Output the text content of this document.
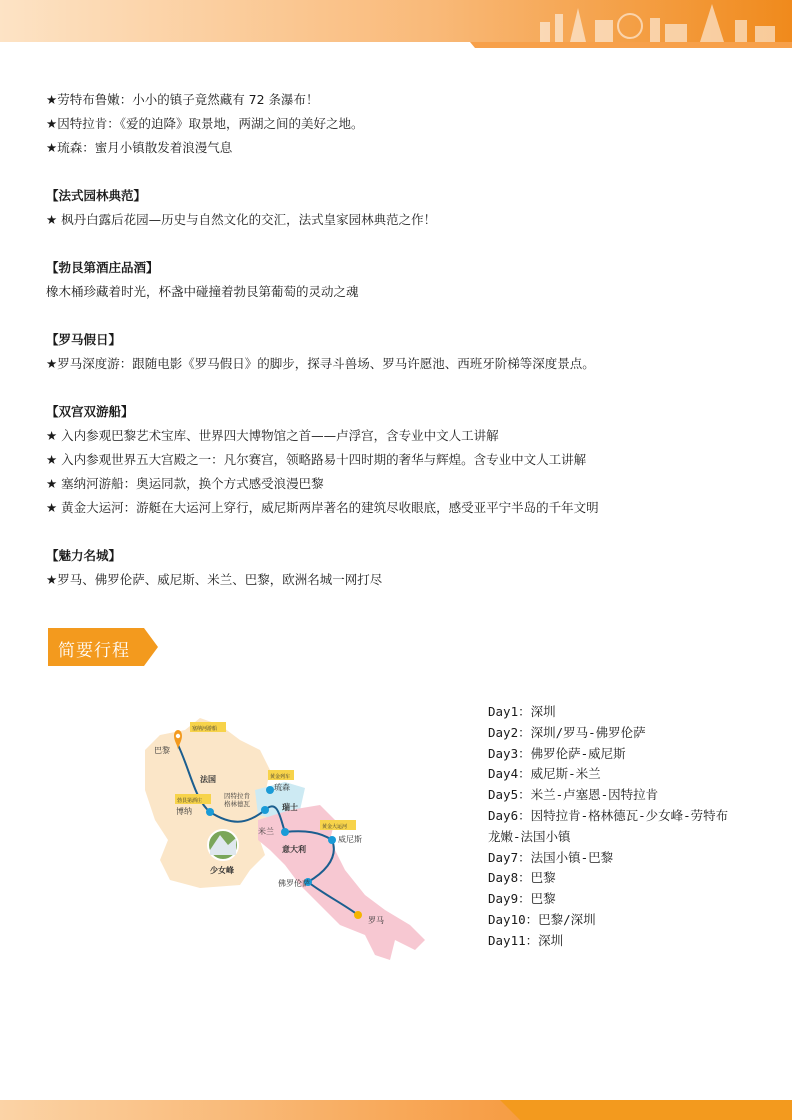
★劳特布鲁嫩：小小的镇子竟然藏有 72 条瀑布！
★因特拉肯：《爱的迫降》取景地，两湖之间的美好之地。
★琉森：蜜月小镇散发着浪漫气息
【法式园林典范】
★ 枫丹白露后花园—历史与自然文化的交汇，法式皇家园林典范之作！
【勃艮第酒庄品酒】
橡木桶珍藏着时光，杯盏中碰撞着勃艮第葡萄的灵动之魂
【罗马假日】
★罗马深度游：跟随电影《罗马假日》的脚步，探寻斗兽场、罗马许愿池、西班牙阶梯等深度景点。
【双宫双游船】
★ 入内参观巴黎艺术宝库、世界四大博物馆之首——卢浮宫，含专业中文人工讲解
★ 入内参观世界五大宫殿之一：凡尔赛宫，领略路易十四时期的奢华与辉煌。含专业中文人工讲解
★ 塞纳河游船：奥运同款，换个方式感受浪漫巴黎
★ 黄金大运河：游艇在大运河上穿行，威尼斯两岸著名的建筑尽收眼底，感受亚平宁半岛的千年文明
【魅力名城】
★罗马、佛罗伦萨、威尼斯、米兰、巴黎，欧洲名城一网打尽
简要行程
塞纳河游船
勃艮第酒庄
黄金列车
黄金大运河
巴黎
博纳
因特拉肯
格林德瓦
琉森
米兰
威尼斯
佛罗伦萨
罗马
少女峰
法国
瑞士
意大利
Day1：深圳
Day2：深圳/罗马-佛罗伦萨
Day3：佛罗伦萨-威尼斯
Day4：威尼斯-米兰
Day5：米兰-卢塞恩-因特拉肯
Day6：因特拉肯-格林德瓦-少女峰-劳特布
龙嫩-法国小镇
Day7：法国小镇-巴黎
Day8：巴黎
Day9：巴黎
Day10：巴黎/深圳
Day11：深圳
